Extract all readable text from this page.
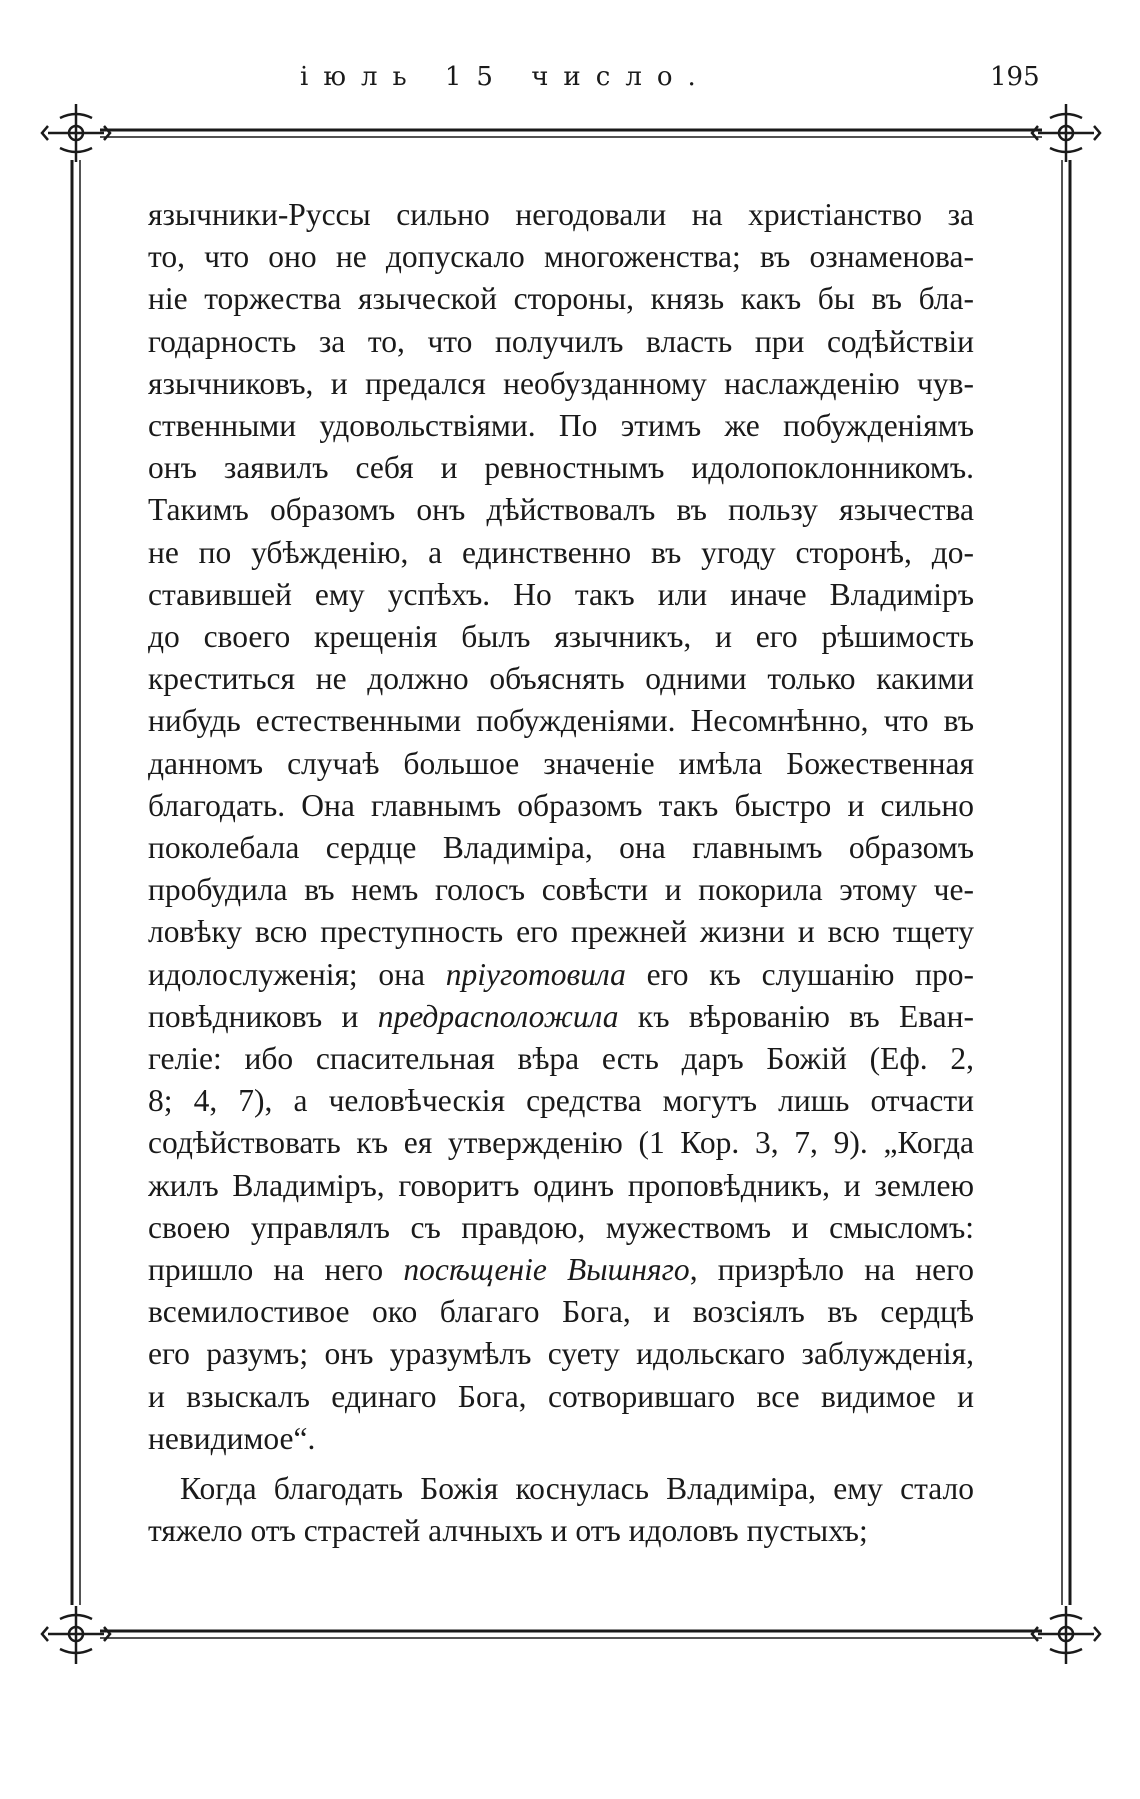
іюль 15 число.	195
язычники-Руссы сильно негодовали на христіанство за
то, что оно не допускало многоженства; въ ознаменова-
ніе торжества языческой стороны, князь какъ бы въ бла-
годарность за то, что получилъ власть при содѣйствіи
язычниковъ, и предался необузданному наслажденію чув-
ственными удовольствіями. По этимъ же побужденіямъ
онъ заявилъ себя и ревностнымъ идолопоклонникомъ.
Такимъ образомъ онъ дѣйствовалъ въ пользу язычества
не по убѣжденію, а единственно въ угоду сторонѣ, до-
ставившей ему успѣхъ. Но такъ или иначе Владиміръ
до своего крещенія былъ язычникъ, и его рѣшимость
креститься не должно объяснять одними только какими
нибудь естественными побужденіями. Несомнѣнно, что въ
данномъ случаѣ большое значеніе имѣла Божественная
благодать. Она главнымъ образомъ такъ быстро и сильно
поколебала сердце Владиміра, она главнымъ образомъ
пробудила въ немъ голосъ совѣсти и покорила этому че-
ловѣку всю преступность его прежней жизни и всю тщету
идолослуженія; она пріуготовила его къ слушанію про-
повѣдниковъ и предрасположила къ вѣрованію въ Еван-
геліе: ибо спасительная вѣра есть даръ Божій (Еф. 2,
8; 4, 7), а человѣческія средства могутъ лишь отчасти
содѣйствовать къ ея утвержденію (1 Кор. 3, 7, 9). „Когда
жилъ Владиміръ, говоритъ одинъ проповѣдникъ, и землею
своею управлялъ съ правдою, мужествомъ и смысломъ:
пришло на него посѣщеніе Вышняго, призрѣло на него
всемилостивое око благаго Бога, и возсіялъ въ сердцѣ
его разумъ; онъ уразумѣлъ суету идольскаго заблужденія,
и взыскалъ единаго Бога, сотворившаго все видимое и
невидимое“.
Когда благодать Божія коснулась Владиміра, ему стало
тяжело отъ страстей алчныхъ и отъ идоловъ пустыхъ;
